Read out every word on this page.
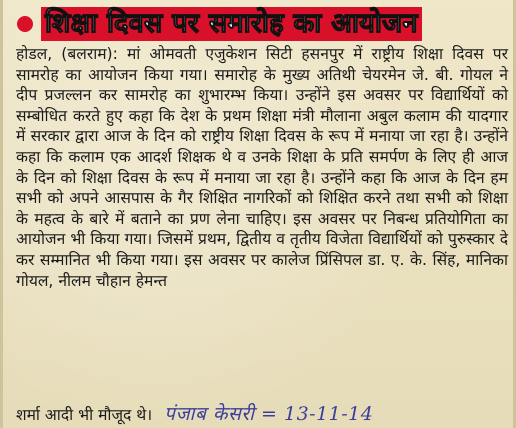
शिक्षा दिवस पर समारोह का आयोजन

होडल, (बलराम): मां ओमवती एजुकेशन सिटी हसनपुर में राष्ट्रीय शिक्षा दिवस पर सामरोह का आयोजन किया गया। समारोह के मुख्य अतिथी चेयरमेन जे. बी. गोयल ने दीप प्रजल्लन कर सामरोह का शुभारम्भ किया। उन्होंने इस अवसर पर विद्यार्थियों को सम्बोधित करते हुए कहा कि देश के प्रथम शिक्षा मंत्री मौलाना अबुल कलाम की यादगार में सरकार द्वारा आज के दिन को राष्ट्रीय शिक्षा दिवस के रूप में मनाया जा रहा है। उन्होंने कहा कि कलाम एक आदर्श शिक्षक थे व उनके शिक्षा के प्रति समर्पण के लिए ही आज के दिन को शिक्षा दिवस के रूप में मनाया जा रहा है। उन्होंने कहा कि आज के दिन हम सभी को अपने आसपास के गैर शिक्षित नागरिकों को शिक्षित करने तथा सभी को शिक्षा के महत्व के बारे में बताने का प्रण लेना चाहिए। इस अवसर पर निबन्ध प्रतियोगिता का आयोजन भी किया गया। जिसमें प्रथम, द्वितीय व तृतीय विजेता विद्यार्थियों को पुरुस्कार दे कर सम्मानित भी किया गया। इस अवसर पर कालेज प्रिंसिपल डा. ए. के. सिंह, मानिका गोयल, नीलम चौहान हेमन्त

शर्मा आदी भी मौजूद थे। पंजाब केसरी = 13-11-14
